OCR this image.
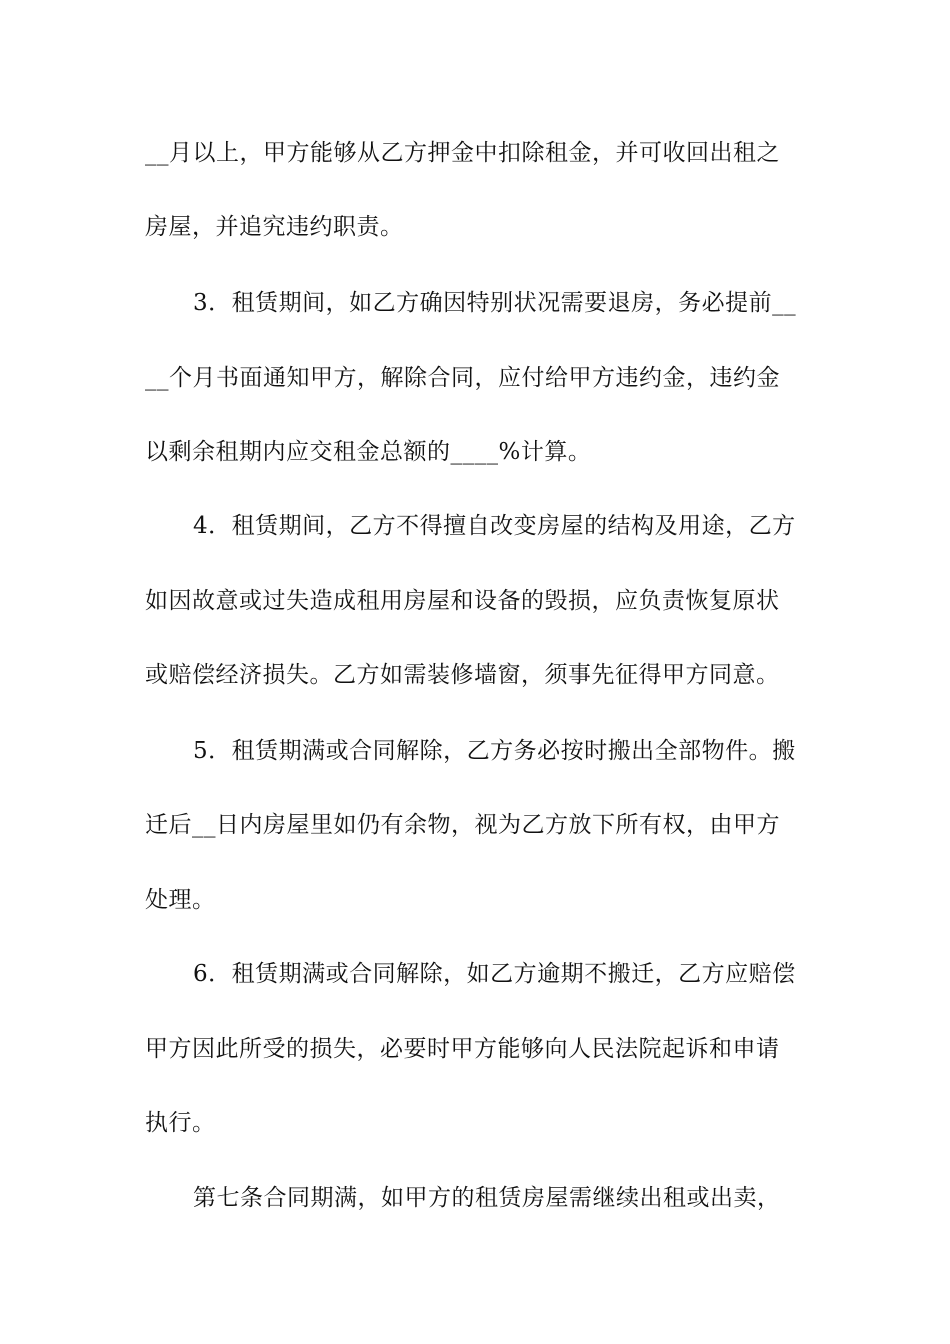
__月以上，甲方能够从乙方押金中扣除租金，并可收回出租之
房屋，并追究违约职责。
3．租赁期间，如乙方确因特别状况需要退房，务必提前__
__个月书面通知甲方，解除合同，应付给甲方违约金，违约金
以剩余租期内应交租金总额的____%计算。
4．租赁期间，乙方不得擅自改变房屋的结构及用途，乙方
如因故意或过失造成租用房屋和设备的毁损，应负责恢复原状
或赔偿经济损失。乙方如需装修墙窗，须事先征得甲方同意。
5．租赁期满或合同解除，乙方务必按时搬出全部物件。搬
迁后__日内房屋里如仍有余物，视为乙方放下所有权，由甲方
处理。
6．租赁期满或合同解除，如乙方逾期不搬迁，乙方应赔偿
甲方因此所受的损失，必要时甲方能够向人民法院起诉和申请
执行。
第七条合同期满，如甲方的租赁房屋需继续出租或出卖，
